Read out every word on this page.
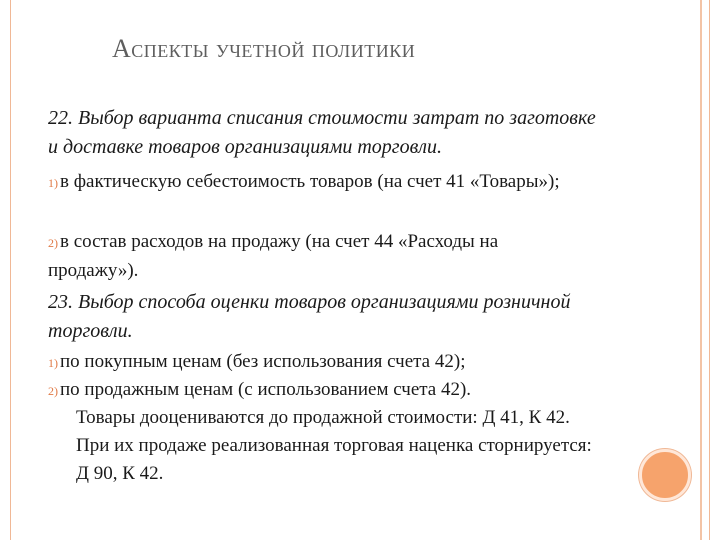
Аспекты учетной политики
22. Выбор варианта списания стоимости затрат по заготовке и доставке товаров организациями торговли.
1) в фактическую себестоимость товаров (на счет 41 «Товары»);
2) в состав расходов на продажу (на счет 44 «Расходы на продажу»).
23. Выбор способа оценки товаров организациями розничной торговли.
1) по покупным ценам (без использования счета 42);
2) по продажным ценам (с использованием счета 42).
Товары дооцениваются до продажной стоимости: Д 41, К 42.
При их продаже реализованная торговая наценка сторнируется: Д 90, К 42.
